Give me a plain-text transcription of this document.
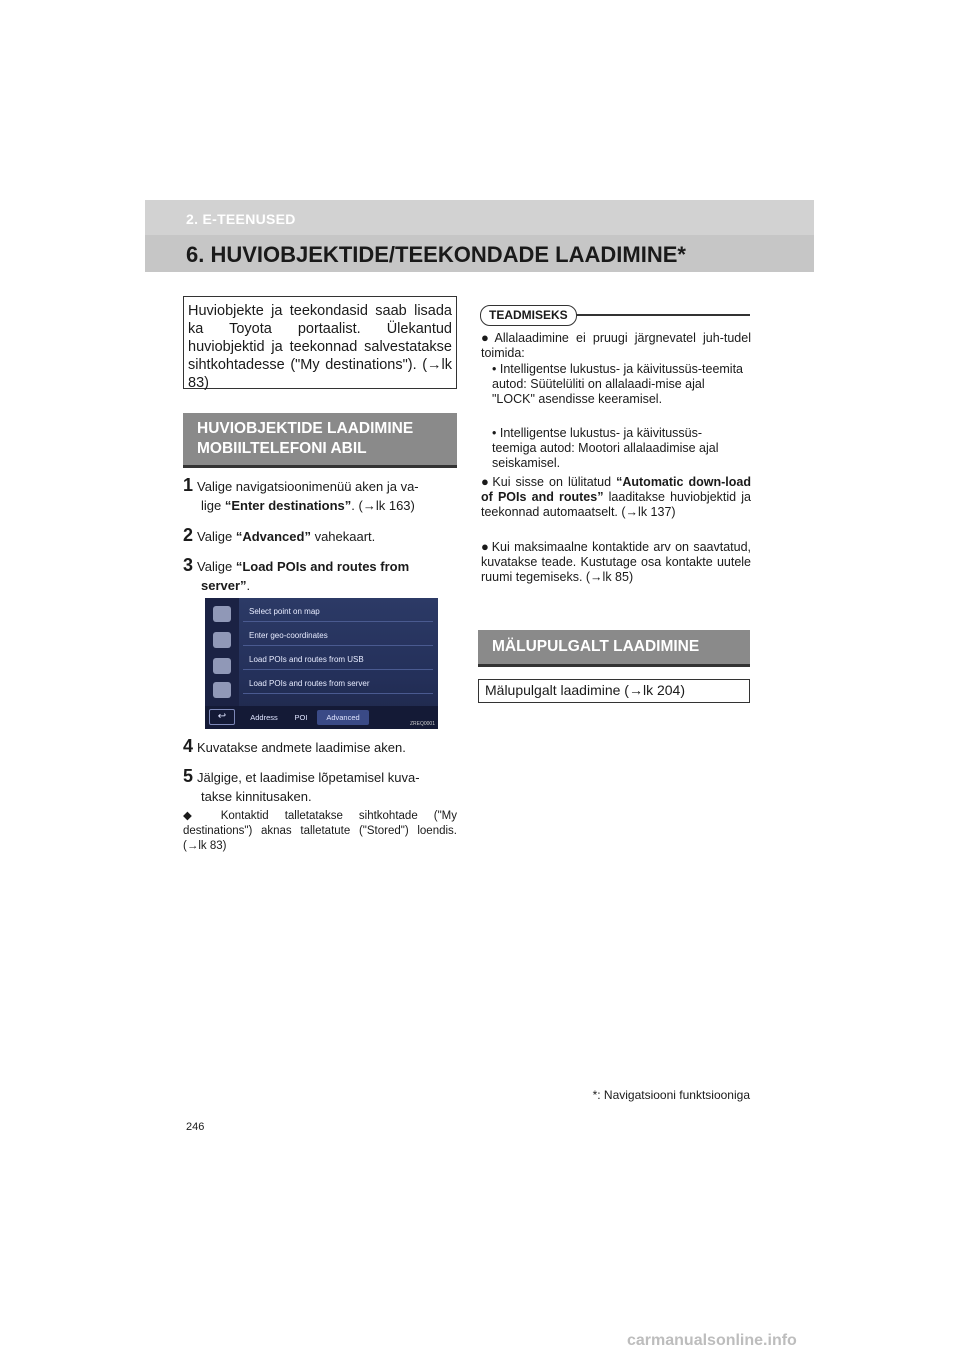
2. E-TEENUSED
6. HUVIOBJEKTIDE/TEEKONDADE LAADIMINE*
Huviobjekte ja teekondasid saab lisada ka Toyota portaalist. Ülekantud huviobjektid ja teekonnad salvestatakse sihtkohtadesse ("My destinations"). (→lk 83)
HUVIOBJEKTIDE LAADIMINE MOBIILTELEFONI ABIL
1 Valige navigatsioonimenüü aken ja va-
lige “Enter destinations”. (→lk 163)
2 Valige “Advanced” vahekaart.
3 Valige “Load POIs and routes from
server”.
Select point on map
Enter geo-coordinates
Load POIs and routes from USB
Load POIs and routes from server
↩	Address	POI	Advanced
ZREQ0001
4 Kuvatakse andmete laadimise aken.
5 Jälgige, et laadimise lõpetamisel kuva-
takse kinnitusaken.
◆ Kontaktid talletatakse sihtkohtade ("My destinations") aknas talletatute ("Stored") loendis. (→lk 83)
TEADMISEKS
● Allalaadimine ei pruugi järgnevatel juh-tudel toimida:
• Intelligentse lukustus- ja käivitussüs-teemita autod: Süütelüliti on allalaadi-mise ajal "LOCK" asendisse keeramisel.
• Intelligentse lukustus- ja käivitussüs-teemiga autod: Mootori allalaadimise ajal seiskamisel.
● Kui sisse on lülitatud “Automatic down-load of POIs and routes” laaditakse huviobjektid ja teekonnad automaatselt. (→lk 137)
● Kui maksimaalne kontaktide arv on saavtatud, kuvatakse teade. Kustutage osa kontakte uutele ruumi tegemiseks. (→lk 85)
MÄLUPULGALT LAADIMINE
Mälupulgalt laadimine (→lk 204)
*: Navigatsiooni funktsiooniga
246
carmanualsonline.info
